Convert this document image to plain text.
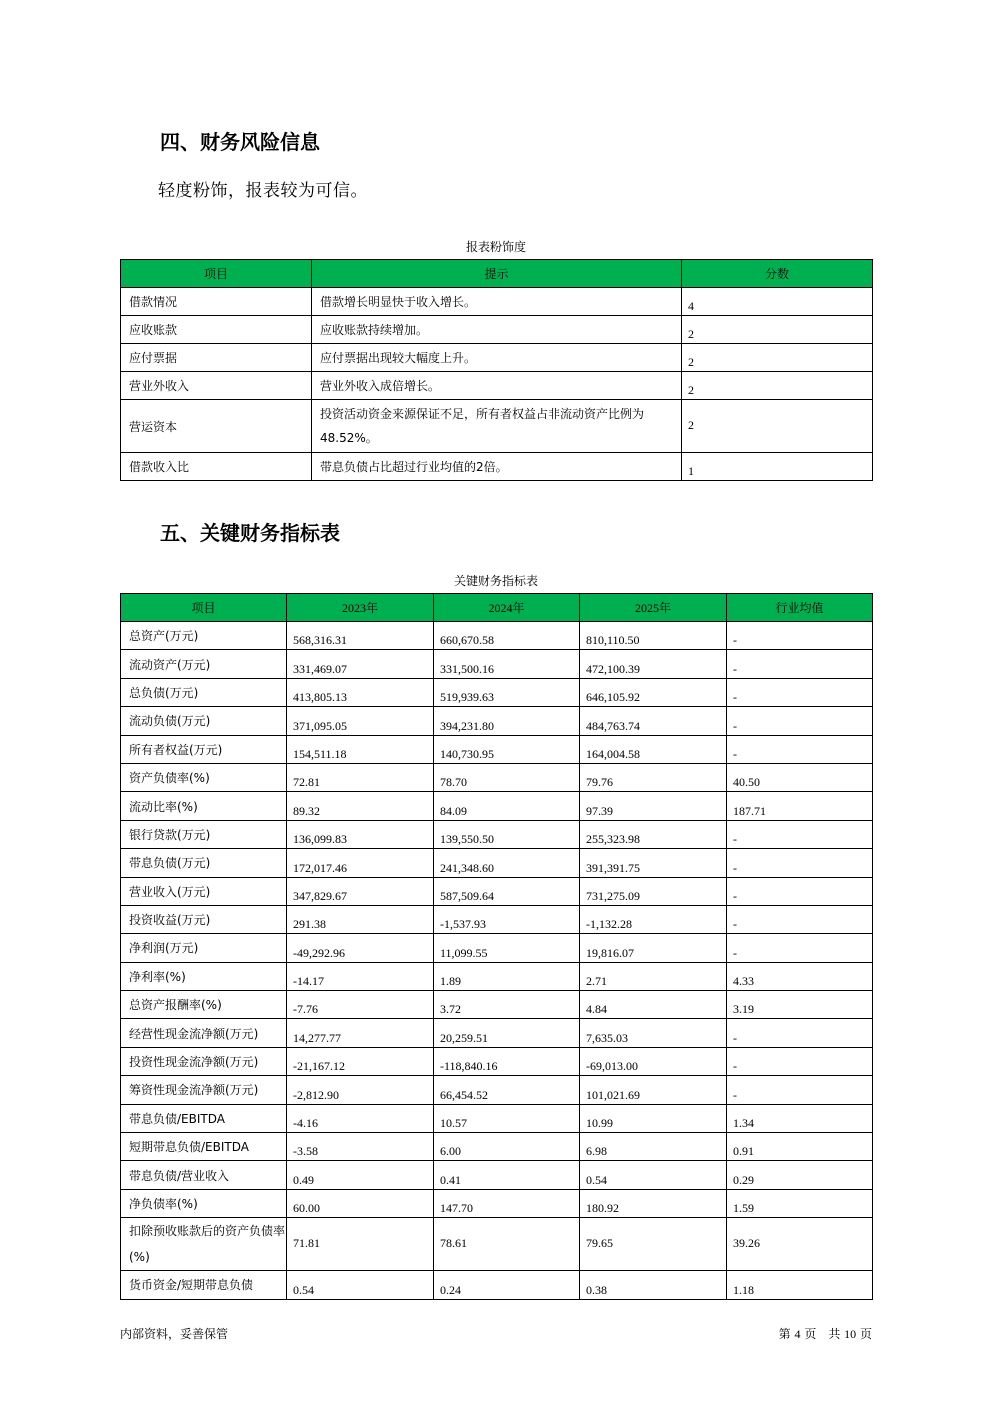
四、财务风险信息
轻度粉饰，报表较为可信。
报表粉饰度
项目	提示	分数
借款情况	借款增长明显快于收入增长。	4
应收账款	应收账款持续增加。	2
应付票据	应付票据出现较大幅度上升。	2
营业外收入	营业外收入成倍增长。	2
营运资本	投资活动资金来源保证不足，所有者权益占非流动资产比例为48.52%。	2
借款收入比	带息负债占比超过行业均值的2倍。	1
五、关键财务指标表
关键财务指标表
项目	2023年	2024年	2025年	行业均值
总资产(万元)	568,316.31	660,670.58	810,110.50	-
流动资产(万元)	331,469.07	331,500.16	472,100.39	-
总负债(万元)	413,805.13	519,939.63	646,105.92	-
流动负债(万元)	371,095.05	394,231.80	484,763.74	-
所有者权益(万元)	154,511.18	140,730.95	164,004.58	-
资产负债率(%)	72.81	78.70	79.76	40.50
流动比率(%)	89.32	84.09	97.39	187.71
银行贷款(万元)	136,099.83	139,550.50	255,323.98	-
带息负债(万元)	172,017.46	241,348.60	391,391.75	-
营业收入(万元)	347,829.67	587,509.64	731,275.09	-
投资收益(万元)	291.38	-1,537.93	-1,132.28	-
净利润(万元)	-49,292.96	11,099.55	19,816.07	-
净利率(%)	-14.17	1.89	2.71	4.33
总资产报酬率(%)	-7.76	3.72	4.84	3.19
经营性现金流净额(万元)	14,277.77	20,259.51	7,635.03	-
投资性现金流净额(万元)	-21,167.12	-118,840.16	-69,013.00	-
筹资性现金流净额(万元)	-2,812.90	66,454.52	101,021.69	-
带息负债/EBITDA	-4.16	10.57	10.99	1.34
短期带息负债/EBITDA	-3.58	6.00	6.98	0.91
带息负债/营业收入	0.49	0.41	0.54	0.29
净负债率(%)	60.00	147.70	180.92	1.59
扣除预收账款后的资产负债率(%)	71.81	78.61	79.65	39.26
货币资金/短期带息负债	0.54	0.24	0.38	1.18
内部资料，妥善保管	第 4 页　共 10 页
